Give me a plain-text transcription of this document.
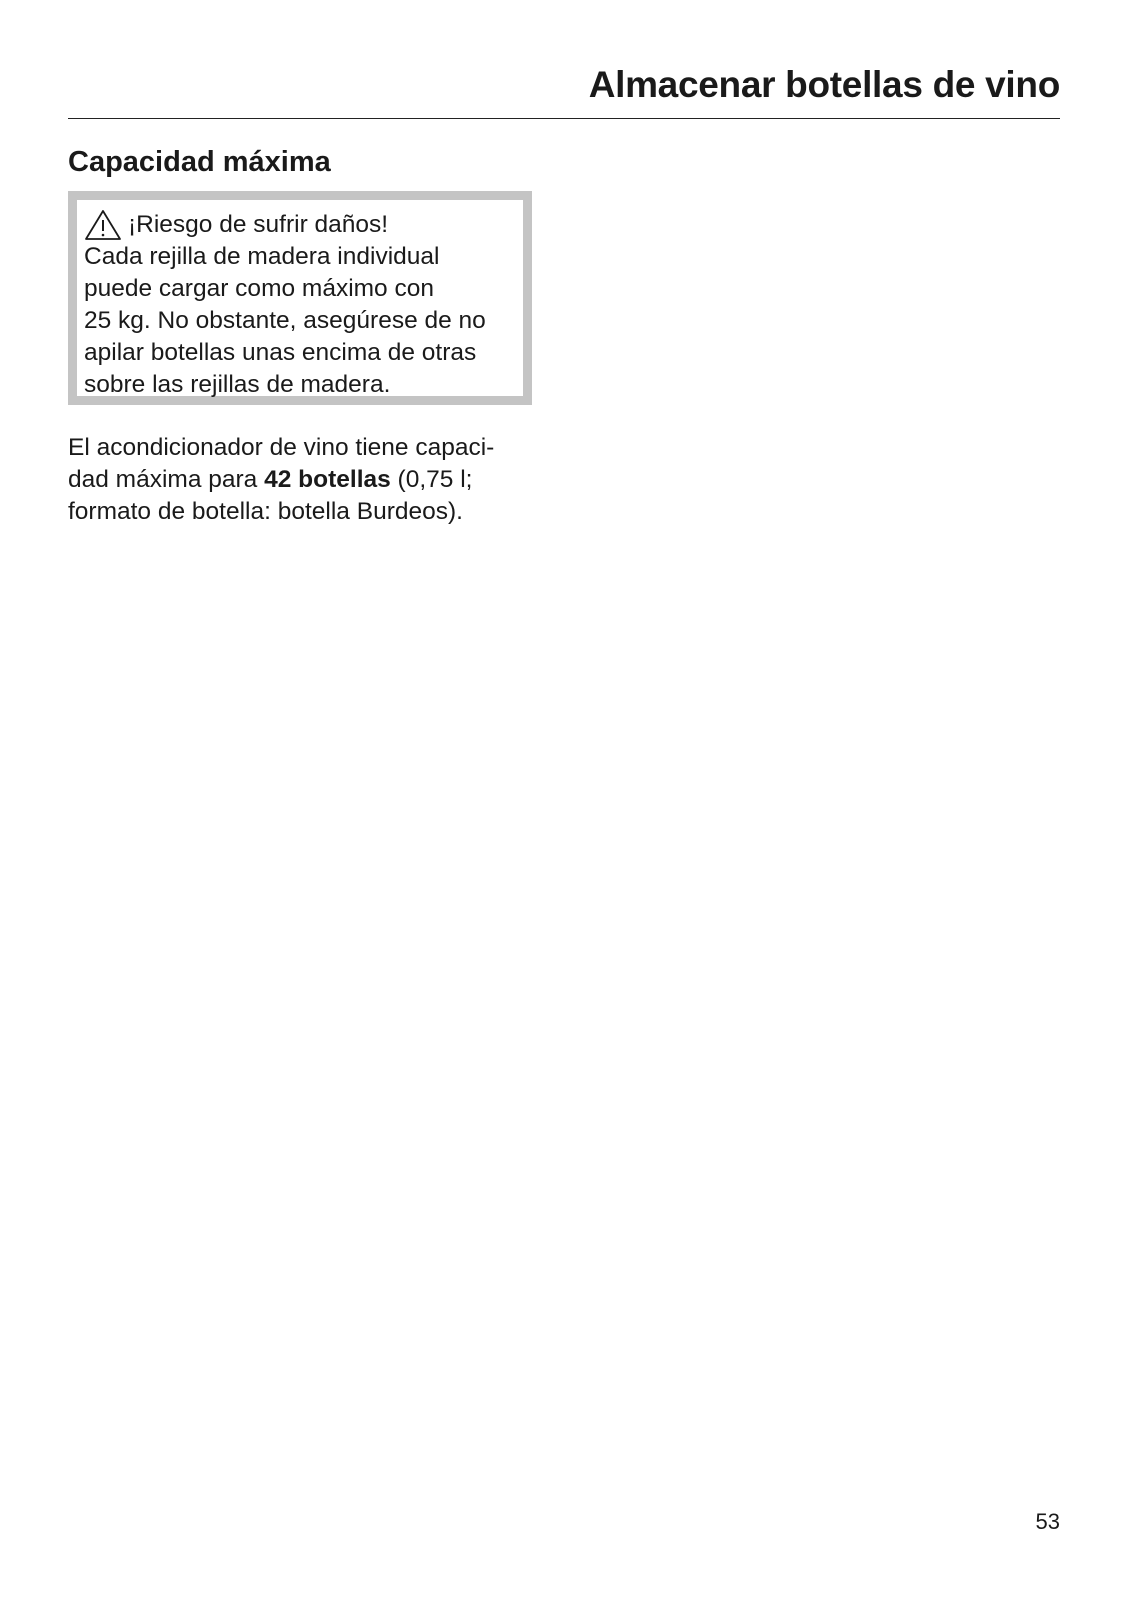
Almacenar botellas de vino
Capacidad máxima
¡Riesgo de sufrir daños!
Cada rejilla de madera individual
puede cargar como máximo con
25 kg. No obstante, asegúrese de no
apilar botellas unas encima de otras
sobre las rejillas de madera.
El acondicionador de vino tiene capaci-
dad máxima para 42 botellas (0,75 l;
formato de botella: botella Burdeos).
53
